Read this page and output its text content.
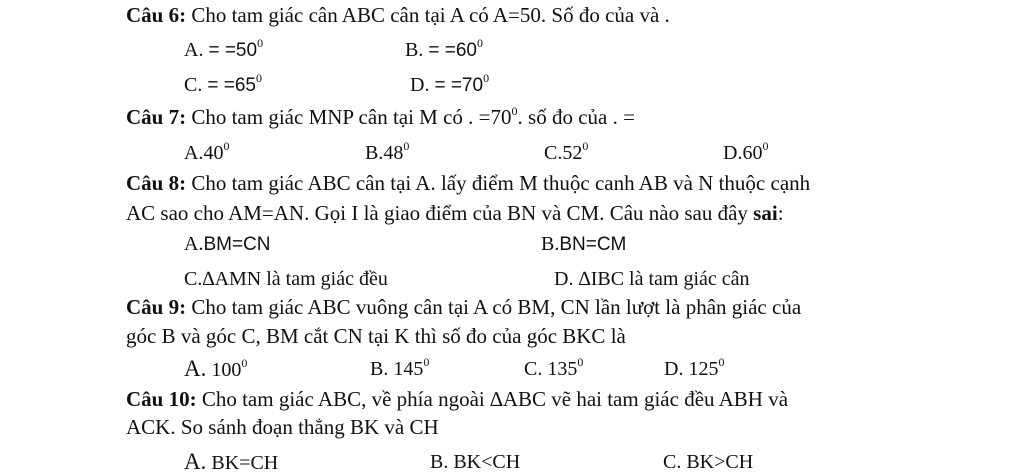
Câu 6: Cho tam giác cân ABC cân tại A có A=50. Số đo của và .
A. = $=50^0$	B. = $=60^0$
C. = $=65^0$	D. = $=70^0$
Câu 7: Cho tam giác MNP cân tại M có . $=70^0$. số đo của . =
$A.40^0$	$B.48^0$	$C.52^0$	$D.60^0$
Câu 8: Cho tam giác ABC cân tại A. lấy điểm M thuộc canh AB và N thuộc cạnh
AC sao cho AM=AN. Gọi I là giao điểm của BN và CM. Câu nào sau đây sai:
A.BM=CN	B.BN=CM
C.∆AMN là tam giác đều	D. ∆IBC là tam giác cân
Câu 9: Cho tam giác ABC vuông cân tại A có BM, CN lần lượt là phân giác của
góc B và góc C, BM cắt CN tại K thì số đo của góc BKC là
A. $100^0$	B. $145^0$	C. $135^0$	D. $125^0$
Câu 10: Cho tam giác ABC, về phía ngoài ∆ABC vẽ hai tam giác đều ABH và
ACK. So sánh đoạn thẳng BK và CH
A. BK=CH	B. BK<CH	C. BK>CH
